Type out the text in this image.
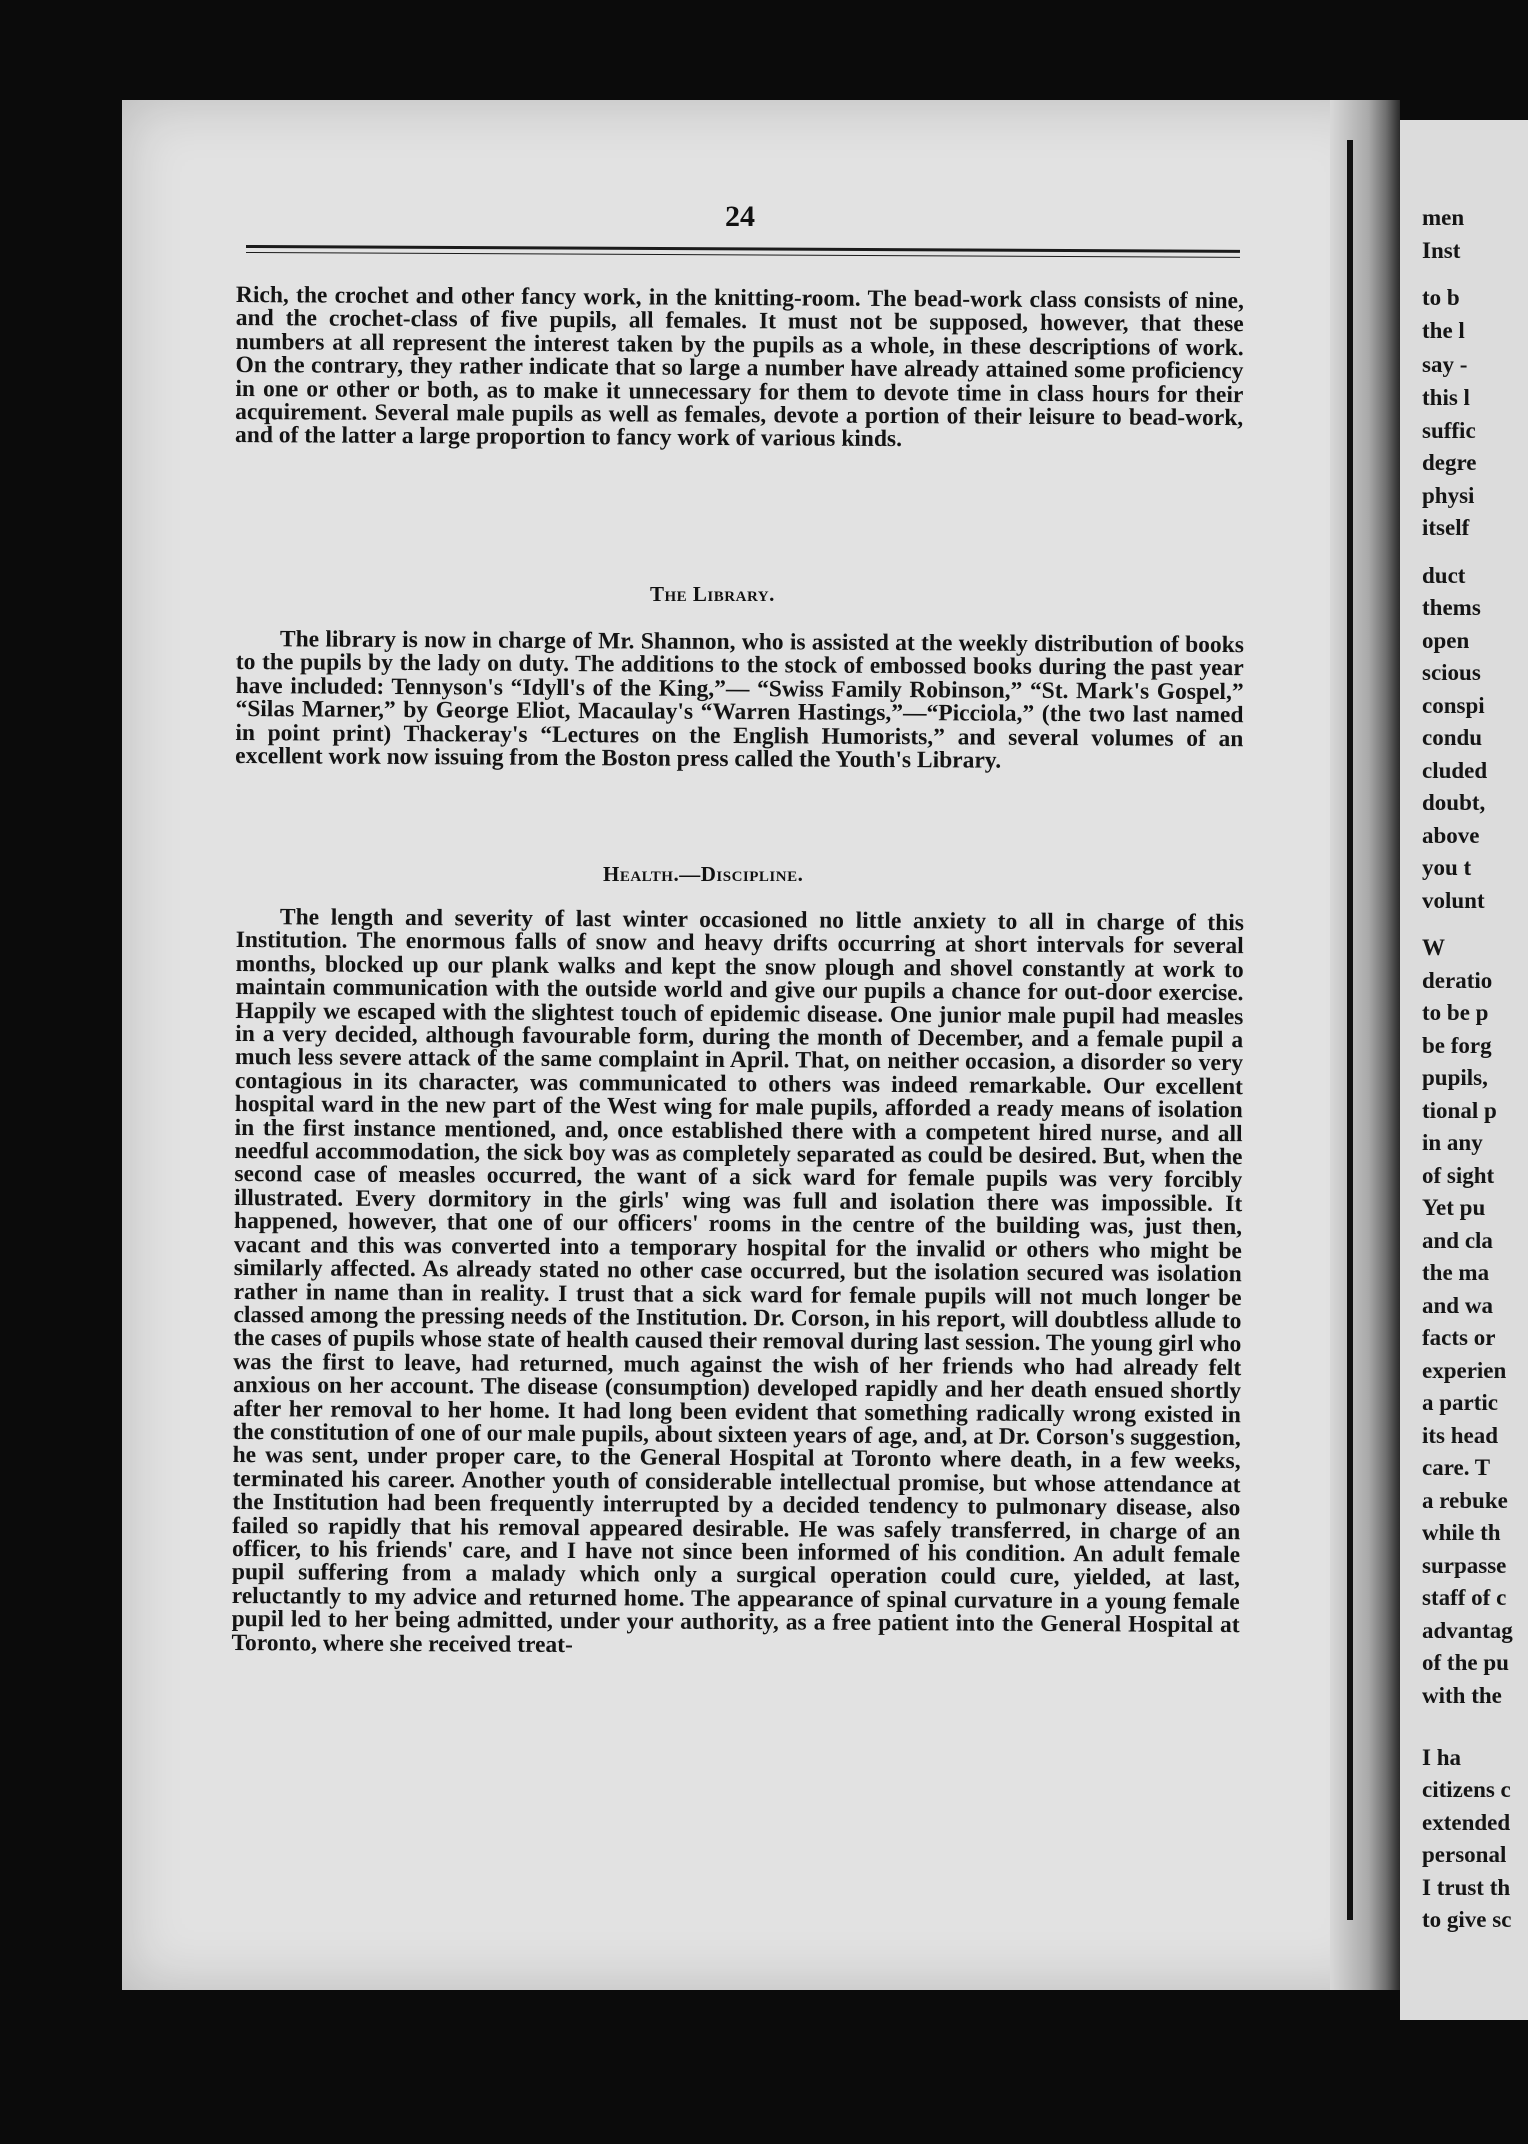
men
Inst
to b
the l
say -
this l
suffic
degre
physi
itself
duct
thems
open
scious
conspi
condu
cluded
doubt,
above
you t
volunt
W
deratio
to be p
be forg
pupils,
tional p
in any
of sight
Yet pu
and cla
the ma
and wa
facts or
experien
a partic
its head
care. T
a rebuke
while th
surpasse
staff of c
advantag
of the pu
with the
I ha
citizens c
extended
personal
I trust th
to give sc
24

Rich, the crochet and other fancy work, in the knitting-room. The bead-work class consists of nine, and the crochet-class of five pupils, all females. It must not be supposed, however, that these numbers at all represent the interest taken by the pupils as a whole, in these descriptions of work. On the contrary, they rather indicate that so large a number have already attained some proficiency in one or other or both, as to make it unnecessary for them to devote time in class hours for their acquirement. Several male pupils as well as females, devote a portion of their leisure to bead-work, and of the latter a large proportion to fancy work of various kinds.

The Library.

The library is now in charge of Mr. Shannon, who is assisted at the weekly distribution of books to the pupils by the lady on duty. The additions to the stock of embossed books during the past year have included: Tennyson's “Idyll's of the King,”— “Swiss Family Robinson,” “St. Mark's Gospel,” “Silas Marner,” by George Eliot, Macaulay's “Warren Hastings,”—“Picciola,” (the two last named in point print) Thackeray's “Lectures on the English Humorists,” and several volumes of an excellent work now issuing from the Boston press called the Youth's Library.

Health.—Discipline.

The length and severity of last winter occasioned no little anxiety to all in charge of this Institution. The enormous falls of snow and heavy drifts occurring at short intervals for several months, blocked up our plank walks and kept the snow plough and shovel constantly at work to maintain communication with the outside world and give our pupils a chance for out-door exercise. Happily we escaped with the slightest touch of epidemic disease. One junior male pupil had measles in a very decided, although favourable form, during the month of December, and a female pupil a much less severe attack of the same complaint in April. That, on neither occasion, a disorder so very contagious in its character, was communicated to others was indeed remarkable. Our excellent hospital ward in the new part of the West wing for male pupils, afforded a ready means of isolation in the first instance mentioned, and, once established there with a competent hired nurse, and all needful accommodation, the sick boy was as completely separated as could be desired. But, when the second case of measles occurred, the want of a sick ward for female pupils was very forcibly illustrated. Every dormitory in the girls' wing was full and isolation there was impossible. It happened, however, that one of our officers' rooms in the centre of the building was, just then, vacant and this was converted into a temporary hospital for the invalid or others who might be similarly affected. As already stated no other case occurred, but the isolation secured was isolation rather in name than in reality. I trust that a sick ward for female pupils will not much longer be classed among the pressing needs of the Institution. Dr. Corson, in his report, will doubtless allude to the cases of pupils whose state of health caused their removal during last session. The young girl who was the first to leave, had returned, much against the wish of her friends who had already felt anxious on her account. The disease (consumption) developed rapidly and her death ensued shortly after her removal to her home. It had long been evident that something radically wrong existed in the constitution of one of our male pupils, about sixteen years of age, and, at Dr. Corson's suggestion, he was sent, under proper care, to the General Hospital at Toronto where death, in a few weeks, terminated his career. Another youth of considerable intellectual promise, but whose attendance at the Institution had been frequently interrupted by a decided tendency to pulmonary disease, also failed so rapidly that his removal appeared desirable. He was safely transferred, in charge of an officer, to his friends' care, and I have not since been informed of his condition. An adult female pupil suffering from a malady which only a surgical operation could cure, yielded, at last, reluctantly to my advice and returned home. The appearance of spinal curvature in a young female pupil led to her being admitted, under your authority, as a free patient into the General Hospital at Toronto, where she received treat-
